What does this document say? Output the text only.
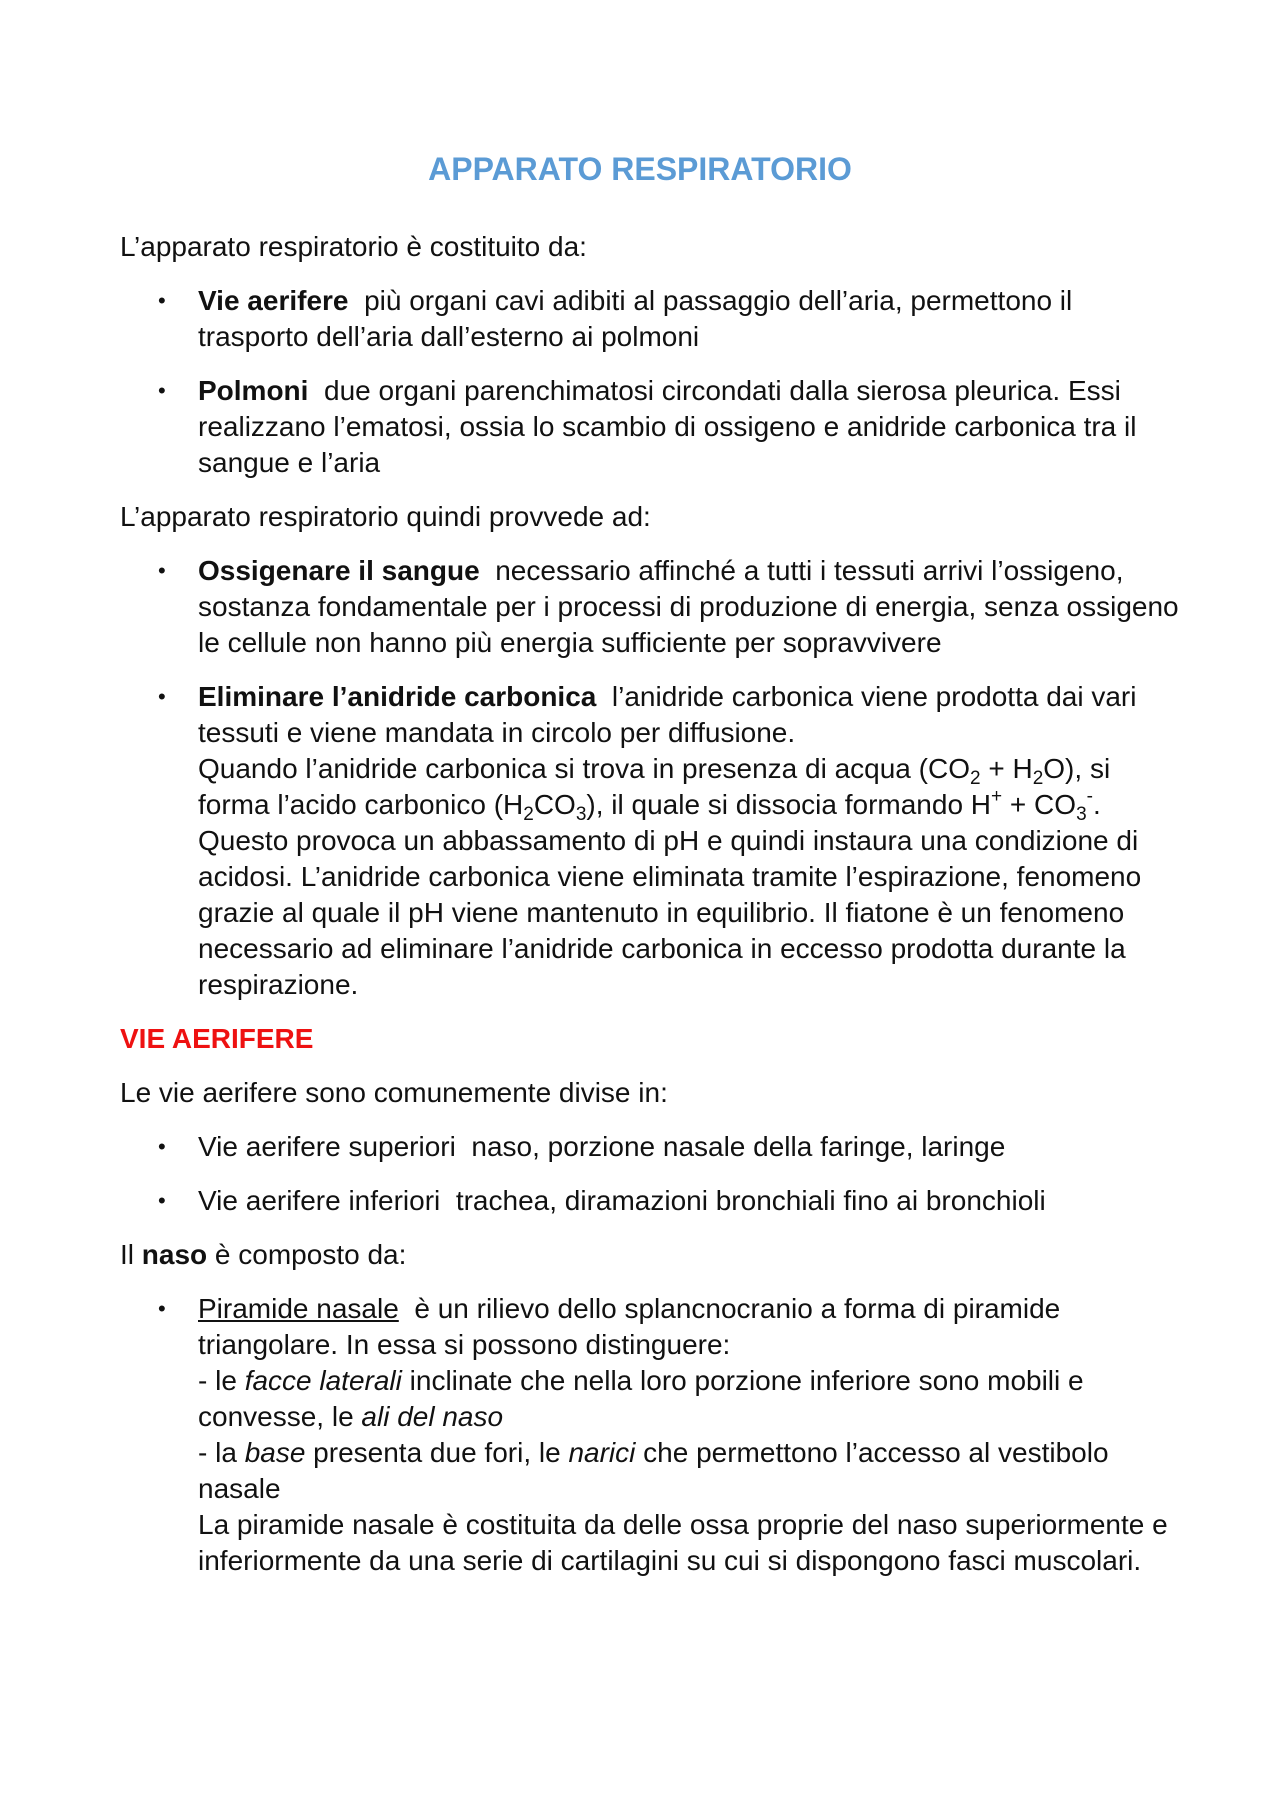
APPARATO RESPIRATORIO

L’apparato respiratorio è costituito da:

• Vie aerifere più organi cavi adibiti al passaggio dell’aria, permettono il trasporto dell’aria dall’esterno ai polmoni
• Polmoni due organi parenchimatosi circondati dalla sierosa pleurica. Essi realizzano l’ematosi, ossia lo scambio di ossigeno e anidride carbonica tra il sangue e l’aria

L’apparato respiratorio quindi provvede ad:

• Ossigenare il sangue necessario affinché a tutti i tessuti arrivi l’ossigeno, sostanza fondamentale per i processi di produzione di energia, senza ossigeno le cellule non hanno più energia sufficiente per sopravvivere
• Eliminare l’anidride carbonica l’anidride carbonica viene prodotta dai vari tessuti e viene mandata in circolo per diffusione.
Quando l’anidride carbonica si trova in presenza di acqua $(CO_2 + H_2O)$, si forma l’acido carbonico $(H_2CO_3)$, il quale si dissocia formando $H^+ + CO_3^-$. Questo provoca un abbassamento di pH e quindi instaura una condizione di acidosi. L’anidride carbonica viene eliminata tramite l’espirazione, fenomeno grazie al quale il pH viene mantenuto in equilibrio. Il fiatone è un fenomeno necessario ad eliminare l’anidride carbonica in eccesso prodotta durante la respirazione.

VIE AERIFERE

Le vie aerifere sono comunemente divise in:

• Vie aerifere superiori naso, porzione nasale della faringe, laringe
• Vie aerifere inferiori trachea, diramazioni bronchiali fino ai bronchioli

Il naso è composto da:

• Piramide nasale è un rilievo dello splancnocranio a forma di piramide triangolare. In essa si possono distinguere:
- le facce laterali inclinate che nella loro porzione inferiore sono mobili e convesse, le ali del naso
- la base presenta due fori, le narici che permettono l’accesso al vestibolo nasale
La piramide nasale è costituita da delle ossa proprie del naso superiormente e inferiormente da una serie di cartilagini su cui si dispongono fasci muscolari.
